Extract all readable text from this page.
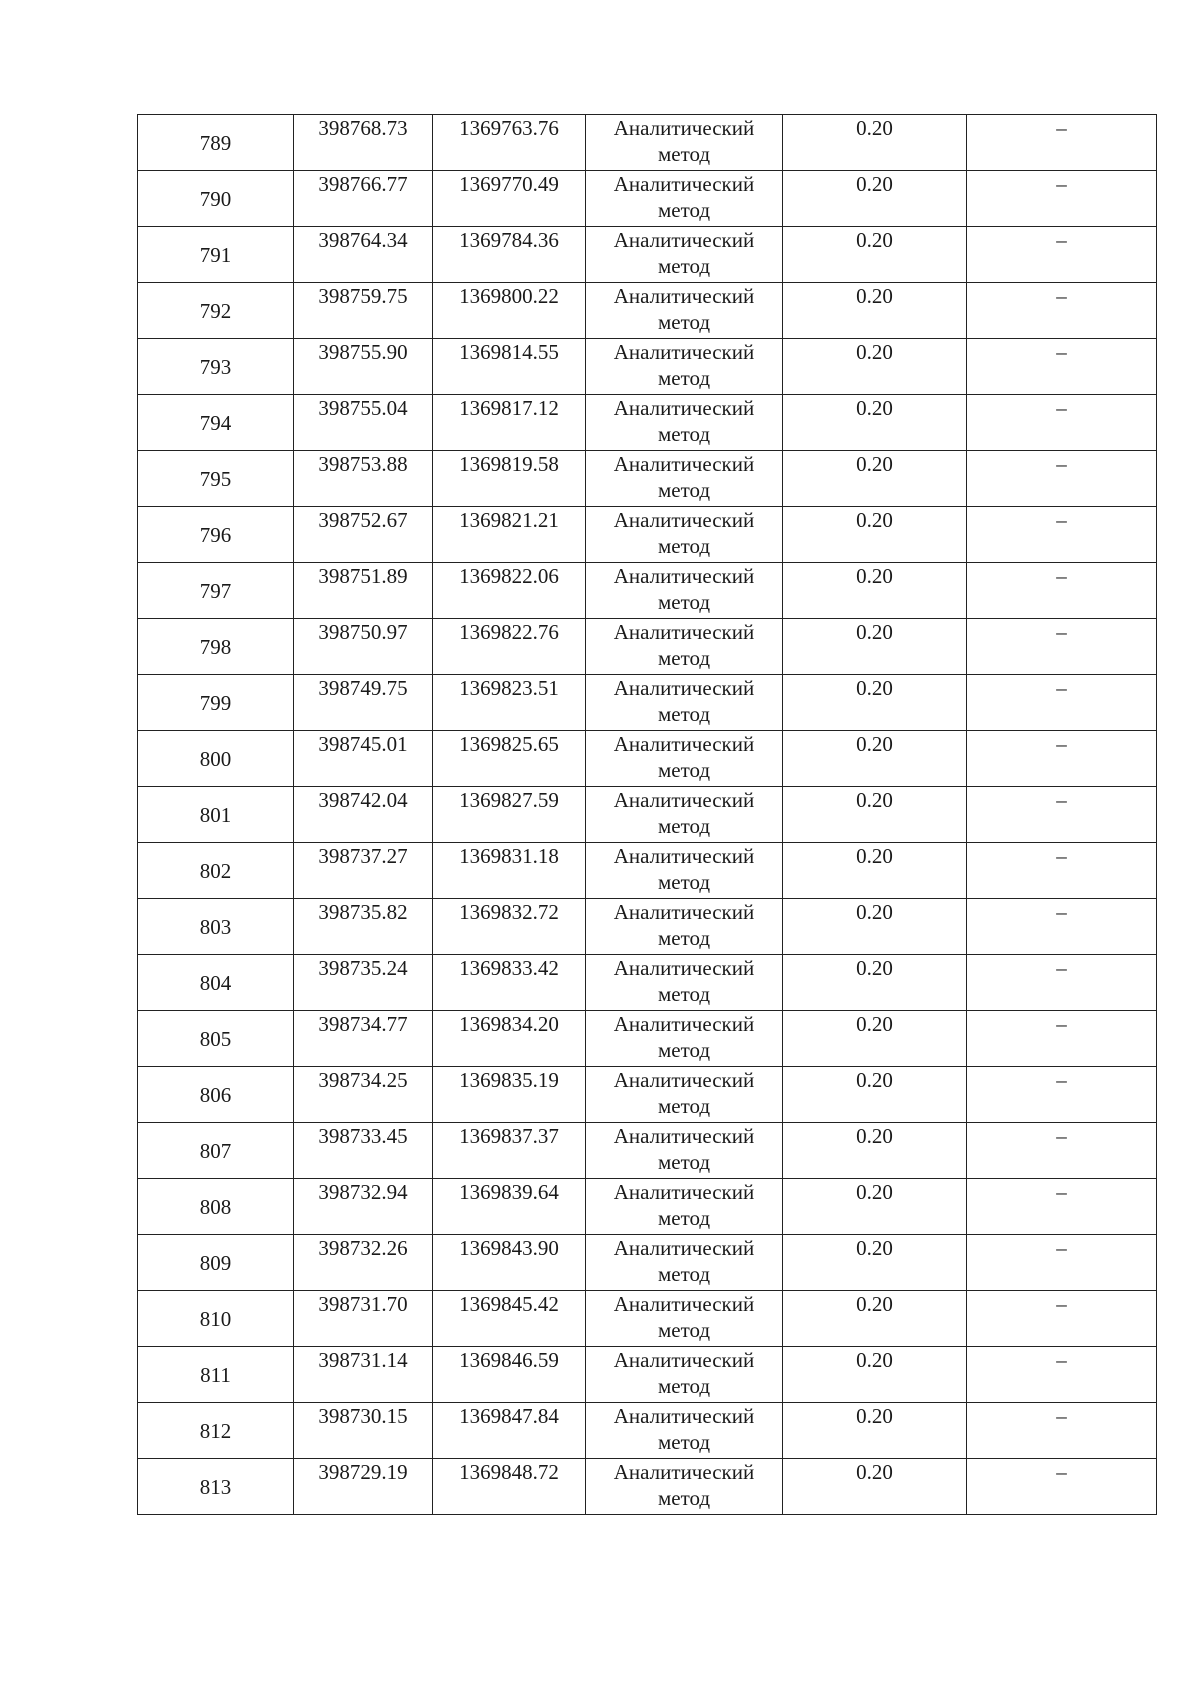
789	398768.73	1369763.76	Аналитический
метод	0.20	–
790	398766.77	1369770.49	Аналитический
метод	0.20	–
791	398764.34	1369784.36	Аналитический
метод	0.20	–
792	398759.75	1369800.22	Аналитический
метод	0.20	–
793	398755.90	1369814.55	Аналитический
метод	0.20	–
794	398755.04	1369817.12	Аналитический
метод	0.20	–
795	398753.88	1369819.58	Аналитический
метод	0.20	–
796	398752.67	1369821.21	Аналитический
метод	0.20	–
797	398751.89	1369822.06	Аналитический
метод	0.20	–
798	398750.97	1369822.76	Аналитический
метод	0.20	–
799	398749.75	1369823.51	Аналитический
метод	0.20	–
800	398745.01	1369825.65	Аналитический
метод	0.20	–
801	398742.04	1369827.59	Аналитический
метод	0.20	–
802	398737.27	1369831.18	Аналитический
метод	0.20	–
803	398735.82	1369832.72	Аналитический
метод	0.20	–
804	398735.24	1369833.42	Аналитический
метод	0.20	–
805	398734.77	1369834.20	Аналитический
метод	0.20	–
806	398734.25	1369835.19	Аналитический
метод	0.20	–
807	398733.45	1369837.37	Аналитический
метод	0.20	–
808	398732.94	1369839.64	Аналитический
метод	0.20	–
809	398732.26	1369843.90	Аналитический
метод	0.20	–
810	398731.70	1369845.42	Аналитический
метод	0.20	–
811	398731.14	1369846.59	Аналитический
метод	0.20	–
812	398730.15	1369847.84	Аналитический
метод	0.20	–
813	398729.19	1369848.72	Аналитический
метод	0.20	–
